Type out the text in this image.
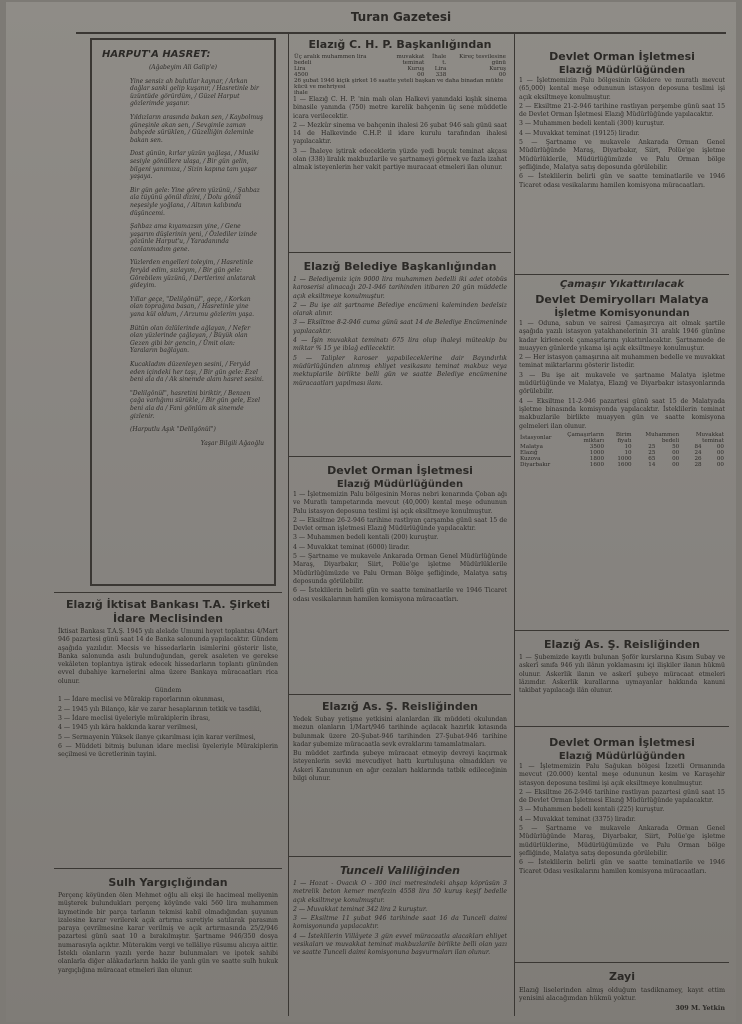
Turan Gazetesi
HARPUT'A HASRET:
(Ağabeyim Ali Galip'e)
Yine sensiz ah bulutlar kaynar, / Arkan dağlar sanki gelip kuşanır, / Hasretinle bir üzüntüde görürdüm, / Güzel Harput gözlerimde yaşanır.
Yıldızların arasında bakan sen, / Kaybolmuş güneşinle akan sen, / Sevgimle zaman bahçede sürüklen, / Güzelliğin özleminle bakan sen.
Dost günün, kırlar yüzün yağlaşa, / Musiki sesiyle gönüllere ulaşa, / Bir gün gelin, bilgeni yanımıza, / Sizin kapına tam yaşar yaşaya.
Bir gün gele: Yine görem yüzünü, / Şahbaz ala tüyünü gönül dizini, / Dolu gönül neşesiyle yoğlana, / Altının kalıbında düşüncemi.
Şahbaz ama kıyamazsın yine, / Gene yaşarım düşlerinin yeni, / Özlediler izinde gözünle Harput'u, / Yaradanında canlanmadım gene.
Yüzlerden engelleri toleyim, / Hasretinle feryâd edim, sızlayım, / Bir gün gele: Görebilem yüzünü, / Dertlerimi anlatarak gideyim.
Yıllar geçe, "Delilgönül", geçe, / Korkan olan toprağına basan, / Hasretinle yine yana kül oldum, / Arzumu gözlerim yaşa.
Bütün olan özlülerinde ağlayan, / Nefer olan yüzlerinde çağlayan, / Büyük olan Gezen gibi bir gencin, / Ümit olan: Yaraların bağlayan.
Kucakladım düzenleyen sesini, / Feryâd eden içindeki her taşı, / Bir gün gele: Ezel beni ala da / Ak sinemde alam hasret sesini.
"Delilgönül", hasretini biriktir, / Benzen çağa varlığımı sürükle, / Bir gün gele, Ezel beni ala da / Fani gönlüm ak sinemde gizlenir.
(Harputlu Aşık "Delilgönül")
Yaşar Bilgili Ağaoğlu
Elazığ İktisat Bankası T.A. Şirketi İdare Meclisinden

İktisat Bankası T.A.Ş. 1945 yılı alelade Umumi heyet toplantısı 4/Mart 946 pazartesi günü saat 14 de Banka salonunda yapılacaktır. Gündem aşağıda yazılıdır. Mecsis ve hissedarlarin isimlerini gösterir liste, Banka salonunda asılı bulunduğundan, gerek asaleten ve gerekse vekâleten toplantıya iştirak edecek hissedarların toplantı gününden evvel dubahiye karnelerini alma üzere Bankaya müracaatları rica olunur.

Gündem

1 — İdare meclisi ve Mürakip raporlarının okunması,

2 — 1945 yılı Bilanço, kâr ve zarar hesaplarının tetkik ve tasdiki,

3 — İdare meclisi üyeleriyle mürakiplerin ibrası,

4 — 1945 yılı kâra hakkında karar verilmesi,

5 — Sermayenin Yüksek ilanye çıkarılması için karar verilmesi,

6 — Müddeti bitmiş bulunan idare meclisi üyeleriyle Mürakiplerin seçilmesi ve ücretlerinin tayini.

Sulh Yargıçlığından

Perçenç köyünden ölen Mehmet oğlu ali ekşi ile hacimeal meliyenin müşterek bulundukları perçenç köyünde vaki 560 lira muhammen kıymetinde bir parça tarlanın tekmisi kabil olmadığından şuyunun izalesine karar verilerek açık artırma suretiyle satılarak parasının paraya çevrilmesine karar verilmiş ve açık artırmasında 25/2/946 pazartesi günü saat 10 a bırakılmıştır. Şartname 946/350 dosya numarasıyla açıktır. Müterakim vergi ve tellâliye rüsumu alıcıya aittir. İsteklı olanların yazılı yerde hazır bulunmaları ve ipotek sahibi olanlarla diğer alâkadarların hakkı ile yanlı gün ve saatte sulh hukuk yargıçlığına müracaat etmeleri ilan olunur.

Elazığ C. H. P. Başkanlığından
Üç aralık muhammen lira bedeli	muvakkat teminat	İhale t.	Kireç tesvilesine günü
Lira	Kuruş	Lira	Kuruş
4500	00	338	00
26 şubat 1946 kiçik şirket 16 saatte yeteli başkan ve daha binadan mükte kücü ve mehriyesi			
ihale			

1 — Elazığ C. H. P. 'nin malı olan Halkevi yanındaki kışlık sinema binasile yanında (750) metre karelik bahçenin üç sene müddetle icara verilecektir.

2 — Mezkûr sinema ve bahçenin ihalesi 26 şubat 946 salı günü saat 14 de Halkevinde C.H.P. il idare kurulu tarafından ihalesi yapılacaktır.

3 — İhaleye iştirak edeceklerin yüzde yedi buçuk teminat akçası olan (338) liralık makbuzlarile ve şartnameyi görmek ve fazla izahat almak isteyenlerin her vakit partiye muracaat etmeleri ilan olunur.

Elazığ Belediye Başkanlığından

1 — Belediyemiz için 9000 lira muhammen bedelli iki adet otobüs karoserisi alınacağı 20-1-946 tarihinden itibaren 20 gün müddetle açık eksiltmeye konulmuştur.

2 — Bu işe ait şartname Belediye encümeni kaleminden bedelsiz olarak alınır.

3 — Eksiltme 8-2-946 cuma günü saat 14 de Belediye Encümeninde yapılacaktır.

4 — İşin muvakkat teminatı 675 lira olup ihaleyi müteakip bu miktar % 15 ye iblağ edilecektir.

5 — Talipler karoser yapabileceklerine dair Bayındırlık müdürlüğünden alınmış ehliyet vesikasını teminat makbuz veya mektuplarile birlikte belli gün ve saatte Belediye encümenine müracaatları yapılması ilanı.

Devlet Orman İşletmesi
Elazığ Müdürlüğünden

1 — İşletmemizin Palu bölgesinin Moras nebri kenarında Çoban ağı ve Muratlı tampetarında mevcut (40,000) kental meşe odununun Palu istasyon deposuna teslimi işi açık eksiltmeye konulmuştur.

2 — Eksiltme 26-2-946 tarihine rastlıyan çarşamba günü saat 15 de Devlet orman işletmesi Elazığ Müdürlüğünde yapılacaktır.

3 — Muhammen bedeli kentali (200) kuruştur.

4 — Muvakkat teminat (6000) liradır.

5 — Şartname ve mukavele Ankarada Orman Genel Müdürlüğünde Maraş, Diyarbakır, Siirt, Polüe'ge işletme Müdürlüklerile Müdürlüğümüzde ve Palu Orman Bölge şefliğinde, Malatya satış deposunda görülebilir.

6 — İsteklilerin belirli gün ve saatte teminatlarile ve 1946 Ticaret odası vesikalarının hamilen komisyona müracaatları.

Elazığ As. Ş. Reisliğinden

Yedek Subay yetişme yetkisini alanlardan ilk müddeti okulundan mezun olanların 1/Mart/946 tarihinde açılacak hazırlık kıtasında bulunmak üzere 20-Şubat-946 tarihinden 27-Şubat-946 tarihine kadar şubemize müracaatla sevk evraklarını tamamlatmaları.

Bu müddet zarfında şubeye müracaat etmeyip devreyi kaçırmak isteyenlerin sevki mevcudiyet hattı kurtuluşuna olmadıkları ve Askeri Kanununun en ağır cezaları haklarında tatbik edileceğinin bilgi olunur.

Tunceli Valiliğinden

1 — Hozat - Ovacık O - 300 inci metresindeki ahşap köprüsün 3 metrelik beton kemer menfezin 4558 lira 50 kuruş keşif bedelle açık eksiltmeye konulmuştur.

2 — Muvakkat teminat 342 lira 2 kuruştur.

3 — Eksiltme 11 şubat 946 tarihinde saat 16 da Tunceli daimi komisyonunda yapılacaktır.

4 — İsteklilerin Villâyete 3 gün evvel müracaatla alacakları ehliyet vesikaları ve muvakkat teminat makbuzlarile birlikte belli olan yazı ve saatte Tunceli daimi komisyonuna başvurmaları ilan olunur.

Devlet Orman İşletmesi
Elazığ Müdürlüğünden

1 — İşletmemizin Palu bölgesinin Gökdere ve muratlı mevcut (65,000) kental meşe odununun istasyon deposuna teslimi işi açık eksiltmeye konulmuştur.

2 — Eksiltme 21-2-946 tarihine rastlıyan perşembe günü saat 15 de Devlet Orman İşletmesi Elazığ Müdürlüğünde yapılacaktır.

3 — Muhammen bedeli kentali (300) kuruştur.

4 — Muvakkat teminat (19125) liradır.

5 — Şartname ve mukavele Ankarada Orman Genel Müdürlüğünde Maraş, Diyarbakır, Siirt, Polüe'ge işletme Müdürlüklerile, Müdürlüğümüzde ve Palu Orman bölge şefliğinde, Malatya satış deposunda görülebilir.

6 — İsteklilerin belirli gün ve saatte teminatlarile ve 1946 Ticaret odası vesikalarını hamilen komisyona müracaatları.

Çamaşır Yıkattırılacak
Devlet Demiryolları Malatya
İşletme Komisyonundan

1 — Oduna, sabun ve sairesi Çamaşırcıya ait olmak şartile aşağıda yazılı istasyon yatakhanelerinin 31 aralık 1946 gününe kadar kirlenecek çamaşırlarını yıkattırılacaktır. Şartnamede de muayyen günlerde yıkama işi açık eksiltmeye konulmuştur.

2 — Her istasyon çamaşırına ait muhammen bedelle ve muvakkat teminat miktarlarını gösterir listedir.

3 — Bu işe ait mukavele ve şartname Malatya işletme müdürlüğünde ve Malatya, Elazığ ve Diyarbakır istasyonlarında görülebilir.

4 — Eksiltme 11-2-946 pazartesi günü saat 15 de Malatyada işletme binasında komisyonda yapılacaktır. İsteklilerin teminat makbuzlarile birlikte muayyen gün ve saatte komisyona gelmeleri ilan olunur.

İstasyonlar	Çamaşırların miktarı	Birim fiyatı	Muhammen bedeli		Muvakkat teminat	
Malatya	3500	10	25	50	84	00
Elazığ	1000	10	25	00	24	00
Kuzova	1800	1000	65	00	26	00
Diyarbakır	1600	1600	14	00	28	00
Elazığ As. Ş. Reisliğinden

1 — Şubemizde kayıtlı bulunan Şoför kurslarına Kısım Subay ve askerî sınıfa 946 yılı ilânın yoklamasını içi ilişkiler ilanın hükmü olunur. Askerlik ilanın ve askerî şubeye müracaat etmeleri lâzımdır. Askerlik kurallarına uymayanlar hakkında kanuni takibat yapılacağı ilân olunur.

Devlet Orman İşletmesi
Elazığ Müdürlüğünden

1 — İşletmemizin Palu Sağukan bölgesi İzzetli Ormanında mevcut (20.000) kental meşe odununun kesim ve Karaşehir istasyon deposuna teslimi işi açık eksiltmeye konulmuştur.

2 — Eksiltme 26-2-946 tarihine rastlıyan pazartesi günü saat 15 de Devlet Orman İşletmesi Elazığ Müdürlüğünde yapılacaktır.

3 — Muhammen bedeli kentali (225) kuruştur.

4 — Muvakkat teminat (3375) liradır.

5 — Şartname ve mukavele Ankarada Orman Genel Müdürlüğünde Maraş, Diyarbakır, Siirt, Polüe'ge işletme müdürlüklerine, Müdürlüğümüzde ve Palu Orman bölge şefliğinde, Malatya satış deposunda görülebilir.

6 — İsteklilerin belirli gün ve saatte teminatlarile ve 1946 Ticaret Odası vesikalarını hamilen komisyona müracaatları.

Zayi

Elazığ liselerinden almış olduğum tasdiknamey, kayıt ettim yenisini alacağımdan hükmü yoktur.

309 M. Yetkin
